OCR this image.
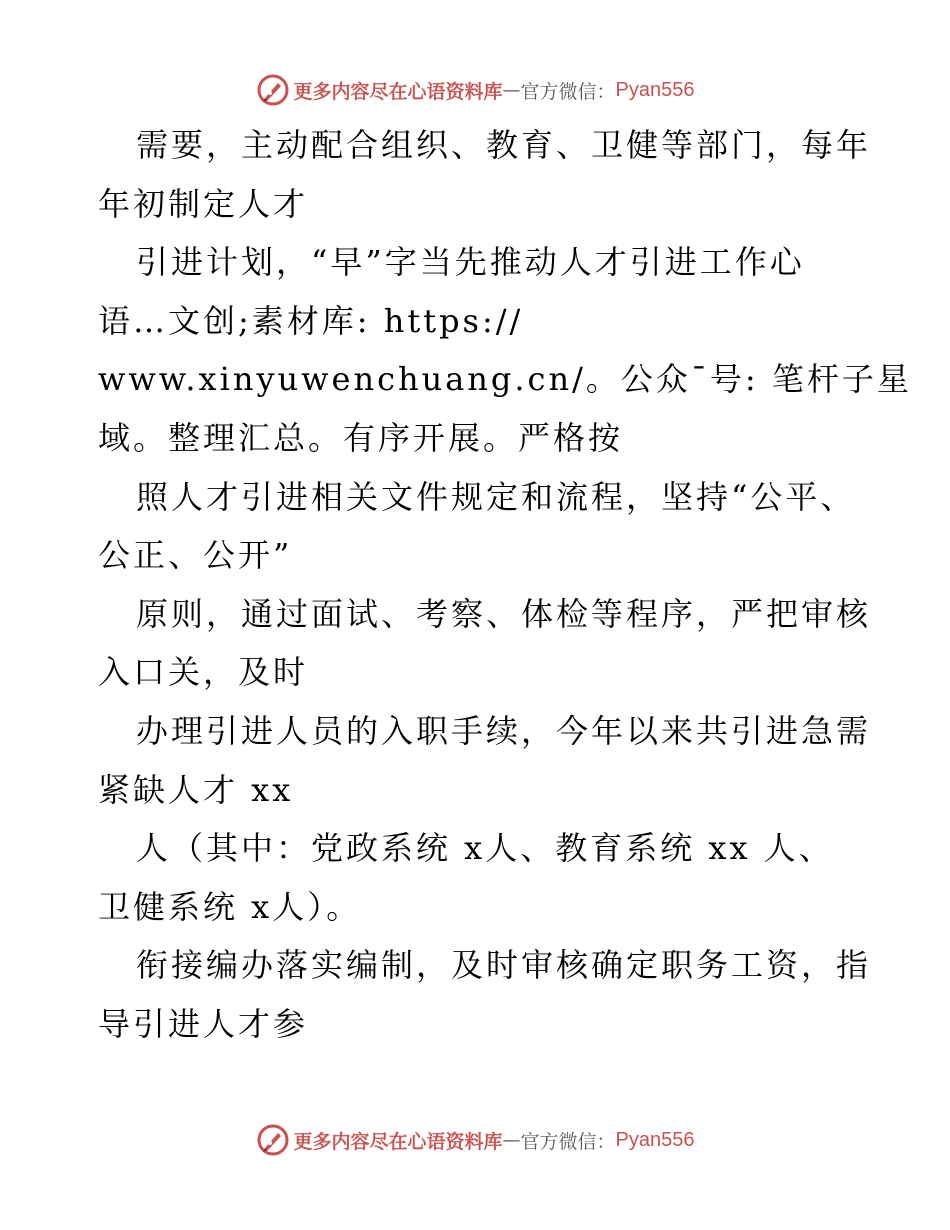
更多内容尽在心语资料库 — 官方微信： Pyan556
需要，主动配合组织、教育、卫健等部门，每年
年初制定人才
引进计划，“早”字当先推动人才引进工作心
语…文创;素材库: https://
www.xinyuwenchuang.cn/。公众¯号: 笔杆子星
域。整理汇总。有序开展。严格按
照人才引进相关文件规定和流程，坚持“公平、
公正、公开”
原则，通过面试、考察、体检等程序，严把审核
入口关，及时
办理引进人员的入职手续，今年以来共引进急需
紧缺人才 xx
人（其中：党政系统 x人、教育系统 xx 人、
卫健系统 x人）。
衔接编办落实编制，及时审核确定职务工资，指
导引进人才参
更多内容尽在心语资料库 — 官方微信： Pyan556
